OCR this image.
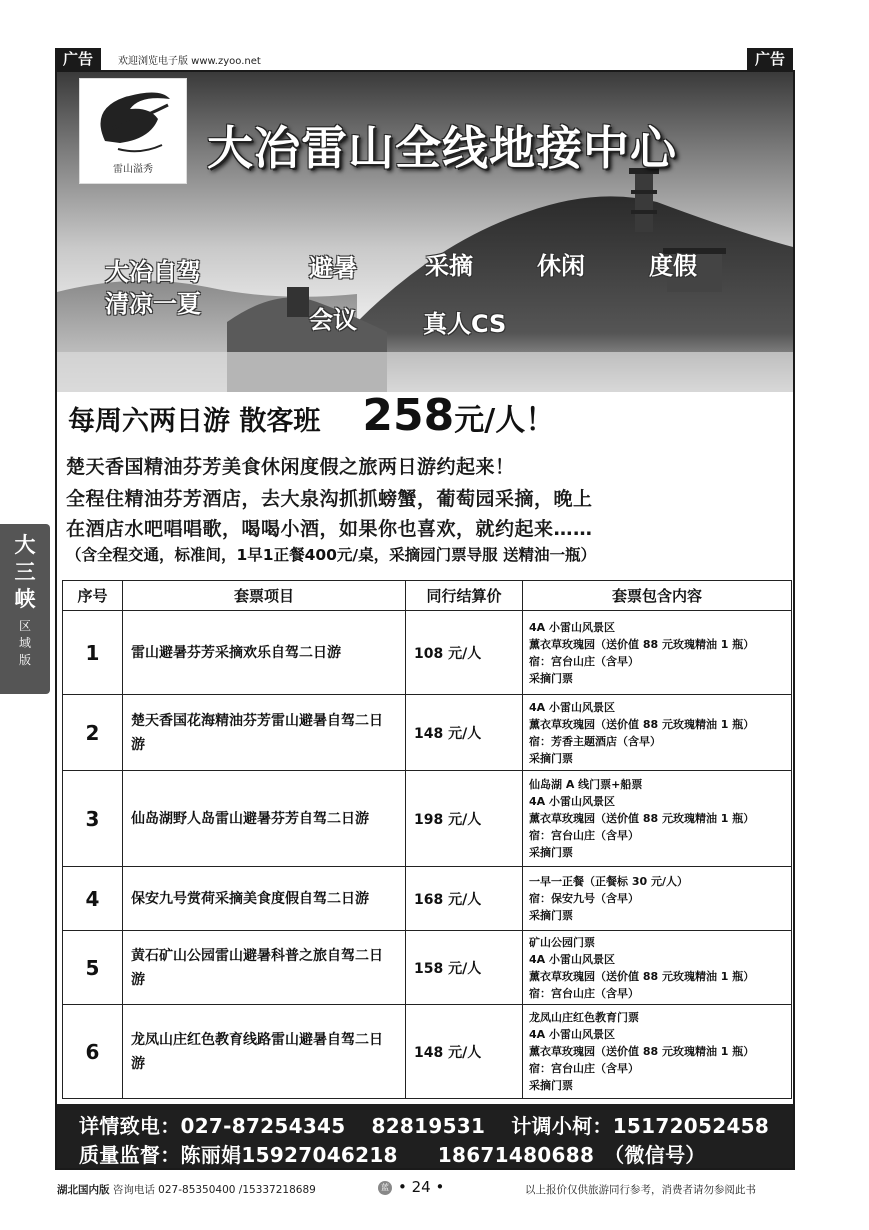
广告	欢迎浏览电子版 www.zyoo.net	广告
雷山溢秀	大冶雷山全线地接中心
大冶自驾
清凉一夏
避暑	采摘	休闲	度假
会议	真人CS
每周六两日游 散客班 258元/人！
楚天香国精油芬芳美食休闲度假之旅两日游约起来！
全程住精油芬芳酒店，去大泉沟抓抓螃蟹，葡萄园采摘，晚上
在酒店水吧唱唱歌，喝喝小酒，如果你也喜欢，就约起来……
（含全程交通，标准间，1早1正餐400元/桌，采摘园门票导服 送精油一瓶）
大
三
峡
区
域
版
序号	套票项目	同行结算价	套票包含内容
1	雷山避暑芬芳采摘欢乐自驾二日游	108 元/人	4A 小雷山风景区
薰衣草玫瑰园（送价值 88 元玫瑰精油 1 瓶）
宿：宫台山庄（含早）
采摘门票

2	楚天香国花海精油芬芳雷山避暑自驾二日游	148 元/人	4A 小雷山风景区
薰衣草玫瑰园（送价值 88 元玫瑰精油 1 瓶）
宿：芳香主题酒店（含早）
采摘门票

3	仙岛湖野人岛雷山避暑芬芳自驾二日游	198 元/人	仙岛湖 A 线门票+船票
4A 小雷山风景区
薰衣草玫瑰园（送价值 88 元玫瑰精油 1 瓶）
宿：宫台山庄（含早）
采摘门票

4	保安九号赏荷采摘美食度假自驾二日游	168 元/人	一早一正餐（正餐标 30 元/人）
宿：保安九号（含早）
采摘门票

5	黄石矿山公园雷山避暑科普之旅自驾二日游	158 元/人	矿山公园门票
4A 小雷山风景区
薰衣草玫瑰园（送价值 88 元玫瑰精油 1 瓶）
宿：宫台山庄（含早）

6	龙凤山庄红色教育线路雷山避暑自驾二日游	148 元/人	龙凤山庄红色教育门票
4A 小雷山风景区
薰衣草玫瑰园（送价值 88 元玫瑰精油 1 瓶）
宿：宫台山庄（含早）
采摘门票
详情致电：027-87254345 82819531 计调小柯：15172052458
质量监督：陈丽娟15927046218 18671480688 （微信号）
湖北国内版 咨询电话 027-85350400 /15337218689	蓝 • 24 •	以上报价仅供旅游同行参考，消费者请勿参阅此书
